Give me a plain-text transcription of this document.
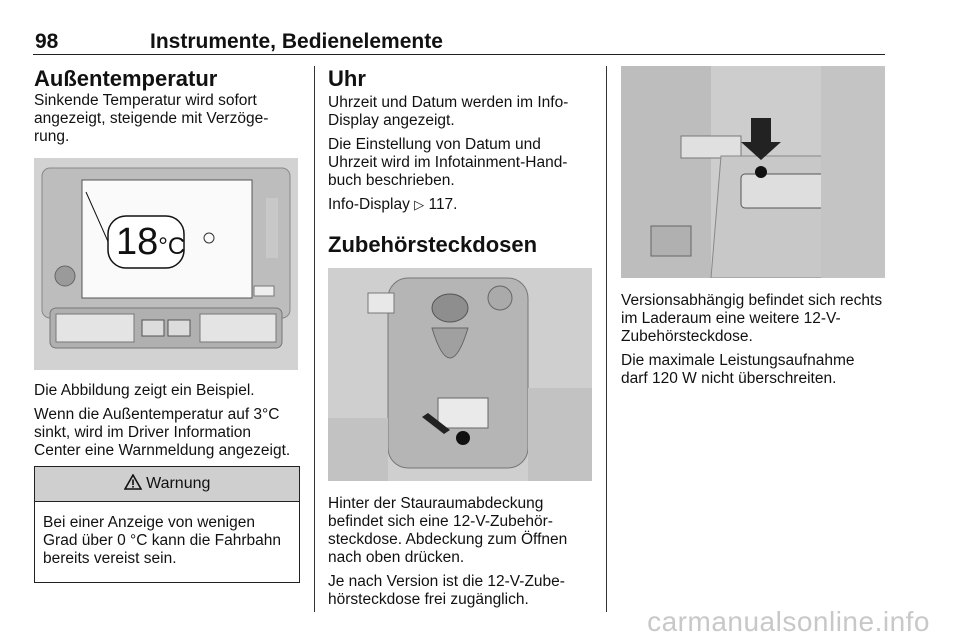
98	Instrumente, Bedienelemente
Außentemperatur

Sinkende Temperatur wird sofort angezeigt, steigende mit Verzöge-rung.

18°C

Die Abbildung zeigt ein Beispiel.

Wenn die Außentemperatur auf 3°C sinkt, wird im Driver Information Center eine Warnmeldung angezeigt.

Warnung

Bei einer Anzeige von wenigen Grad über 0 °C kann die Fahrbahn bereits vereist sein.

Uhr

Uhrzeit und Datum werden im Info-Display angezeigt.

Die Einstellung von Datum und Uhrzeit wird im Infotainment-Hand-buch beschrieben.

Info-Display ▷ 117.

Zubehörsteckdosen

Hinter der Stauraumabdeckung befindet sich eine 12-V-Zubehör-steckdose. Abdeckung zum Öffnen nach oben drücken.

Je nach Version ist die 12-V-Zube-hörsteckdose frei zugänglich.

Versionsabhängig befindet sich rechts im Laderaum eine weitere 12-V-Zubehörsteckdose.

Die maximale Leistungsaufnahme darf 120 W nicht überschreiten.

carmanualsonline.info
